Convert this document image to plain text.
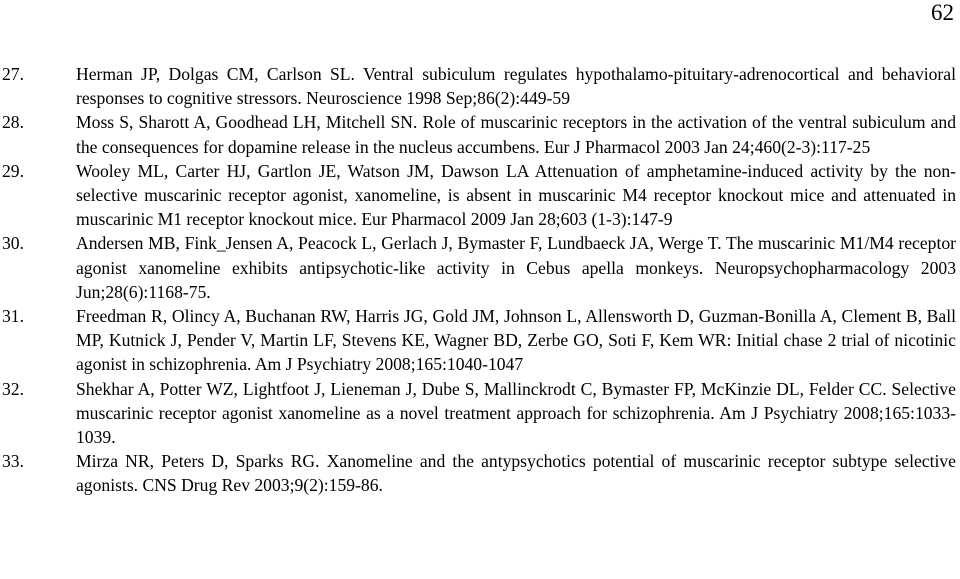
62
27.	Herman JP, Dolgas CM, Carlson SL. Ventral subiculum regulates hypothalamo-pituitary-adrenocortical and behavioral responses to cognitive stressors. Neuroscience 1998 Sep;86(2):449-59
28.	Moss S, Sharott A, Goodhead LH, Mitchell SN. Role of muscarinic receptors in the activation of the ventral subiculum and the consequences for dopamine release in the nucleus accumbens. Eur J Pharmacol 2003 Jan 24;460(2-3):117-25
29.	Wooley ML, Carter HJ, Gartlon JE, Watson JM, Dawson LA Attenuation of amphetamine-induced activity by the non-selective muscarinic receptor agonist, xanomeline, is absent in muscarinic M4 receptor knockout mice and attenuated in muscarinic M1 receptor knockout mice. Eur Pharmacol 2009 Jan 28;603 (1-3):147-9
30.	Andersen MB, Fink_Jensen A, Peacock L, Gerlach J, Bymaster F, Lundbaeck JA, Werge T. The muscarinic M1/M4 receptor agonist xanomeline exhibits antipsychotic-like activity in Cebus apella monkeys. Neuropsychopharmacology 2003 Jun;28(6):1168-75.
31.	Freedman R, Olincy A, Buchanan RW, Harris JG, Gold JM, Johnson L, Allensworth D, Guzman-Bonilla A, Clement B, Ball MP, Kutnick J, Pender V, Martin LF, Stevens KE, Wagner BD, Zerbe GO, Soti F, Kem WR: Initial chase 2 trial of nicotinic agonist in schizophrenia. Am J Psychiatry 2008;165:1040-1047
32.	Shekhar A, Potter WZ, Lightfoot J, Lieneman J, Dube S, Mallinckrodt C, Bymaster FP, McKinzie DL, Felder CC. Selective muscarinic receptor agonist xanomeline as a novel treatment approach for schizophrenia. Am J Psychiatry 2008;165:1033-1039.
33.	Mirza NR, Peters D, Sparks RG. Xanomeline and the antypsychotics potential of muscarinic receptor subtype selective agonists. CNS Drug Rev 2003;9(2):159-86.
